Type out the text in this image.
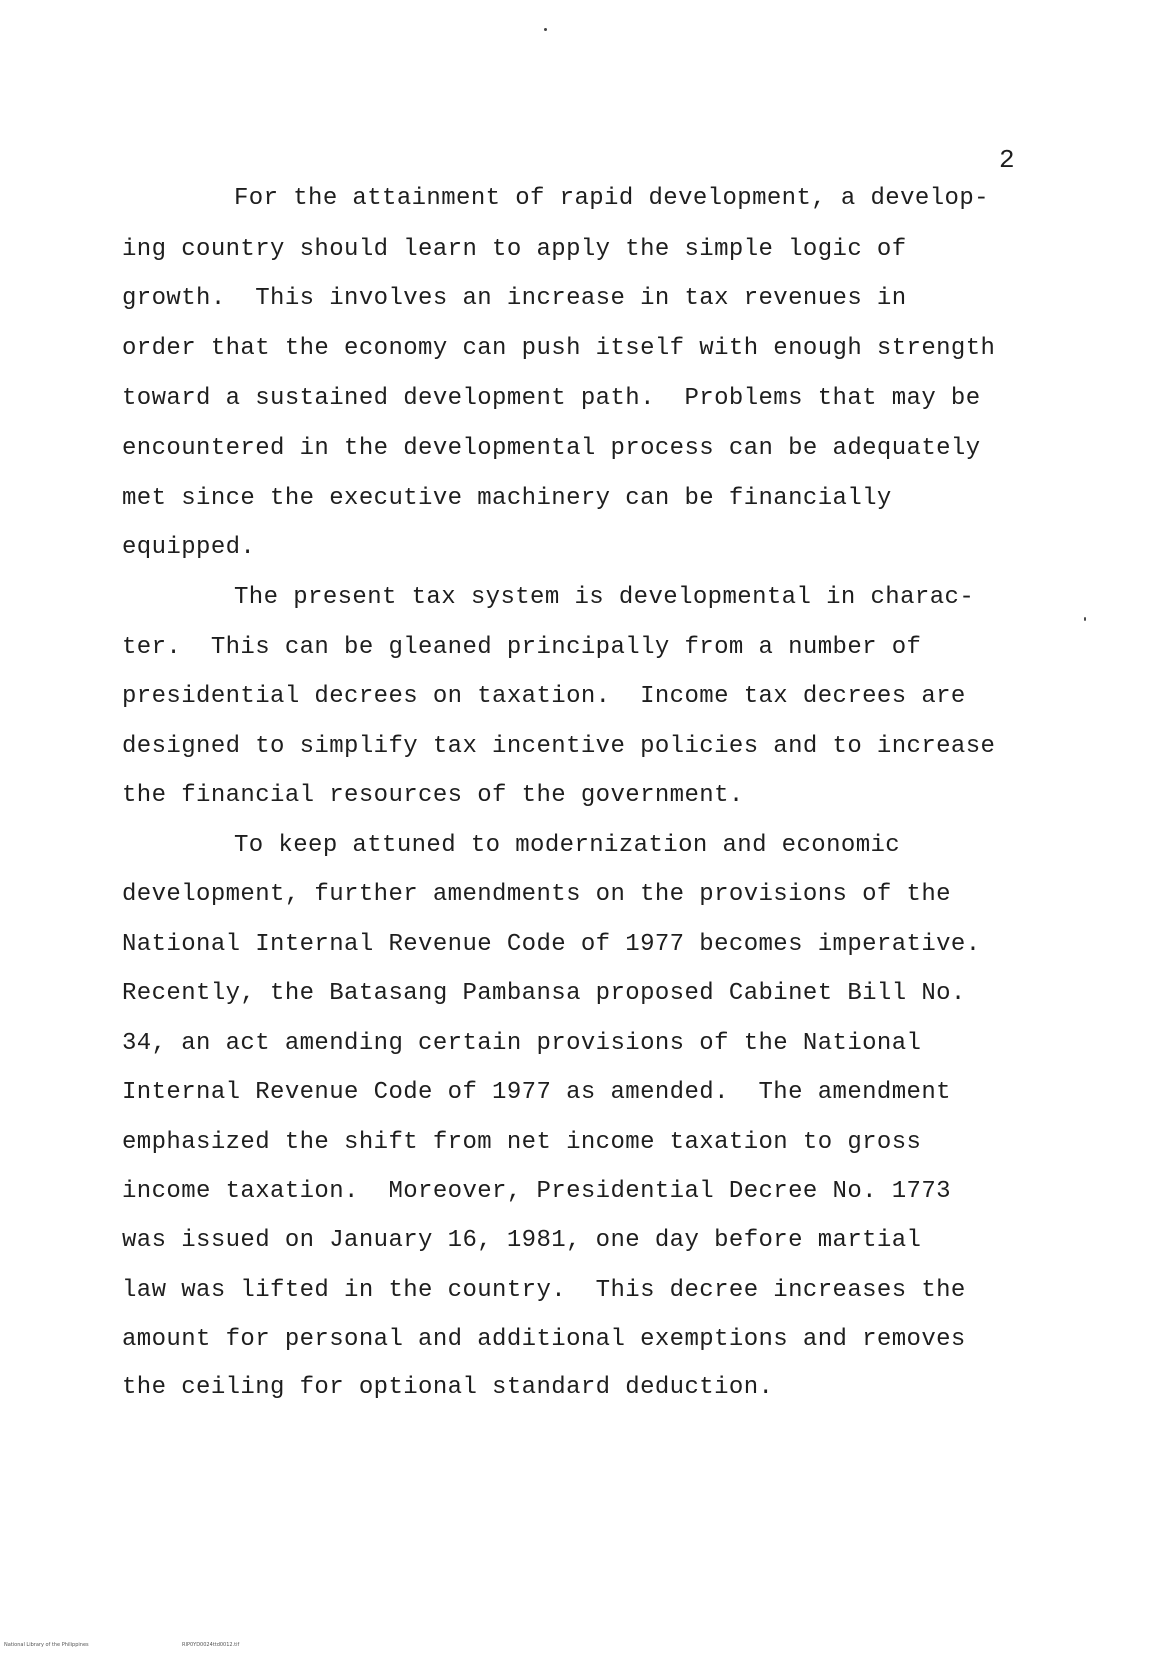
2
For the attainment of rapid development, a develop-
ing country should learn to apply the simple logic of
growth.  This involves an increase in tax revenues in
order that the economy can push itself with enough strength
toward a sustained development path.  Problems that may be
encountered in the developmental process can be adequately
met since the executive machinery can be financially
equipped.
The present tax system is developmental in charac-
ter.  This can be gleaned principally from a number of
presidential decrees on taxation.  Income tax decrees are
designed to simplify tax incentive policies and to increase
the financial resources of the government.
To keep attuned to modernization and economic
development, further amendments on the provisions of the
National Internal Revenue Code of 1977 becomes imperative.
Recently, the Batasang Pambansa proposed Cabinet Bill No.
34, an act amending certain provisions of the National
Internal Revenue Code of 1977 as amended.  The amendment
emphasized the shift from net income taxation to gross
income taxation.  Moreover, Presidential Decree No. 1773
was issued on January 16, 1981, one day before martial
law was lifted in the country.  This decree increases the
amount for personal and additional exemptions and removes
the ceiling for optional standard deduction.
National Library of the Philippines	RIP0YD0024ttd0012.tif
